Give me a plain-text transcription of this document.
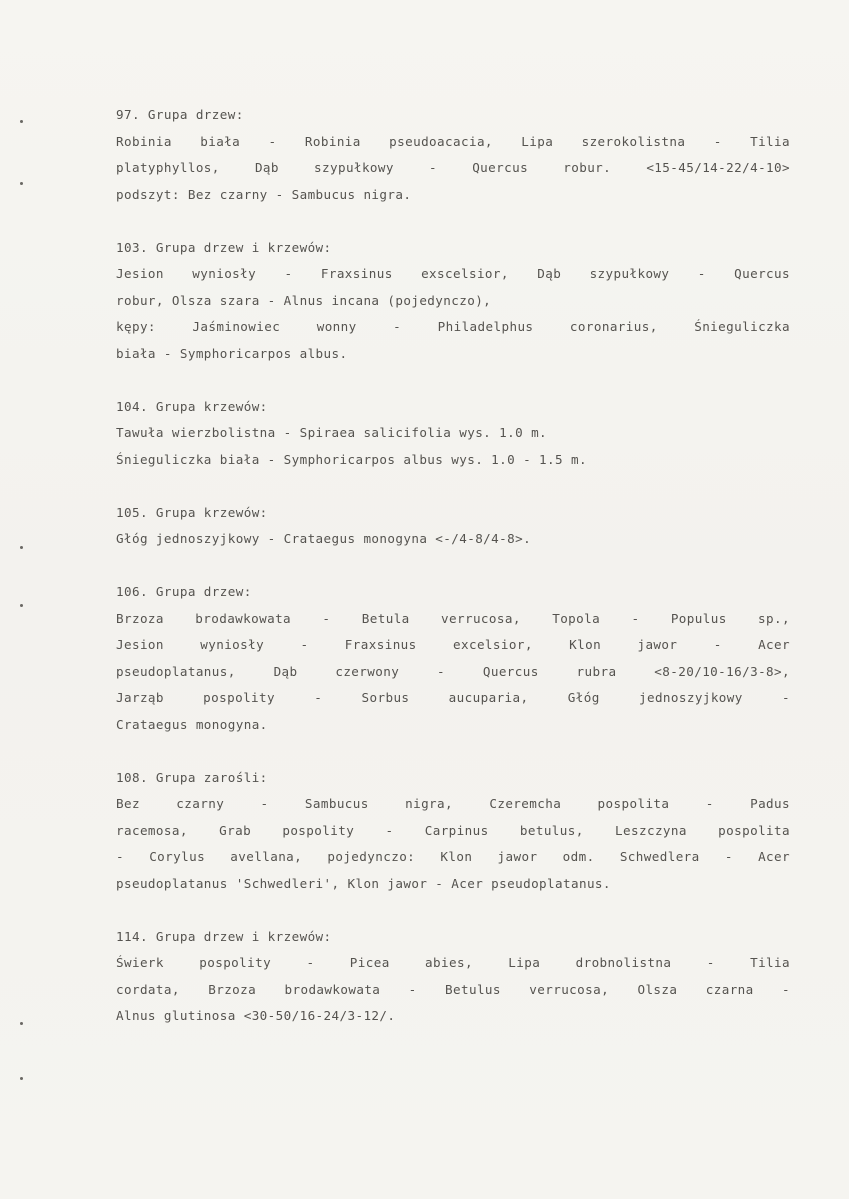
97. Grupa drzew:
Robinia biała - Robinia pseudoacacia, Lipa szerokolistna - Tilia
platyphyllos, Dąb szypułkowy - Quercus robur. <15-45/14-22/4-10>
podszyt: Bez czarny - Sambucus nigra.
103. Grupa drzew i krzewów:
Jesion wyniosły - Fraxsinus exscelsior, Dąb szypułkowy - Quercus
robur, Olsza szara - Alnus incana (pojedynczo),
kępy: Jaśminowiec wonny - Philadelphus coronarius, Śnieguliczka
biała - Symphoricarpos albus.
104. Grupa krzewów:
Tawuła wierzbolistna - Spiraea salicifolia wys. 1.0 m.
Śnieguliczka biała - Symphoricarpos albus wys. 1.0 - 1.5 m.
105. Grupa krzewów:
Głóg jednoszyjkowy - Crataegus monogyna <-/4-8/4-8>.
106. Grupa drzew:
Brzoza brodawkowata - Betula verrucosa, Topola - Populus sp.,
Jesion wyniosły - Fraxsinus excelsior, Klon jawor - Acer
pseudoplatanus, Dąb czerwony - Quercus rubra <8-20/10-16/3-8>,
Jarząb pospolity - Sorbus aucuparia, Głóg jednoszyjkowy -
Crataegus monogyna.
108. Grupa zarośli:
Bez czarny - Sambucus nigra, Czeremcha pospolita - Padus
racemosa, Grab pospolity - Carpinus betulus, Leszczyna pospolita
- Corylus avellana, pojedynczo: Klon jawor odm. Schwedlera - Acer
pseudoplatanus 'Schwedleri', Klon jawor - Acer pseudoplatanus.
114. Grupa drzew i krzewów:
Świerk pospolity - Picea abies, Lipa drobnolistna - Tilia
cordata, Brzoza brodawkowata - Betulus verrucosa, Olsza czarna -
Alnus glutinosa <30-50/16-24/3-12/.
